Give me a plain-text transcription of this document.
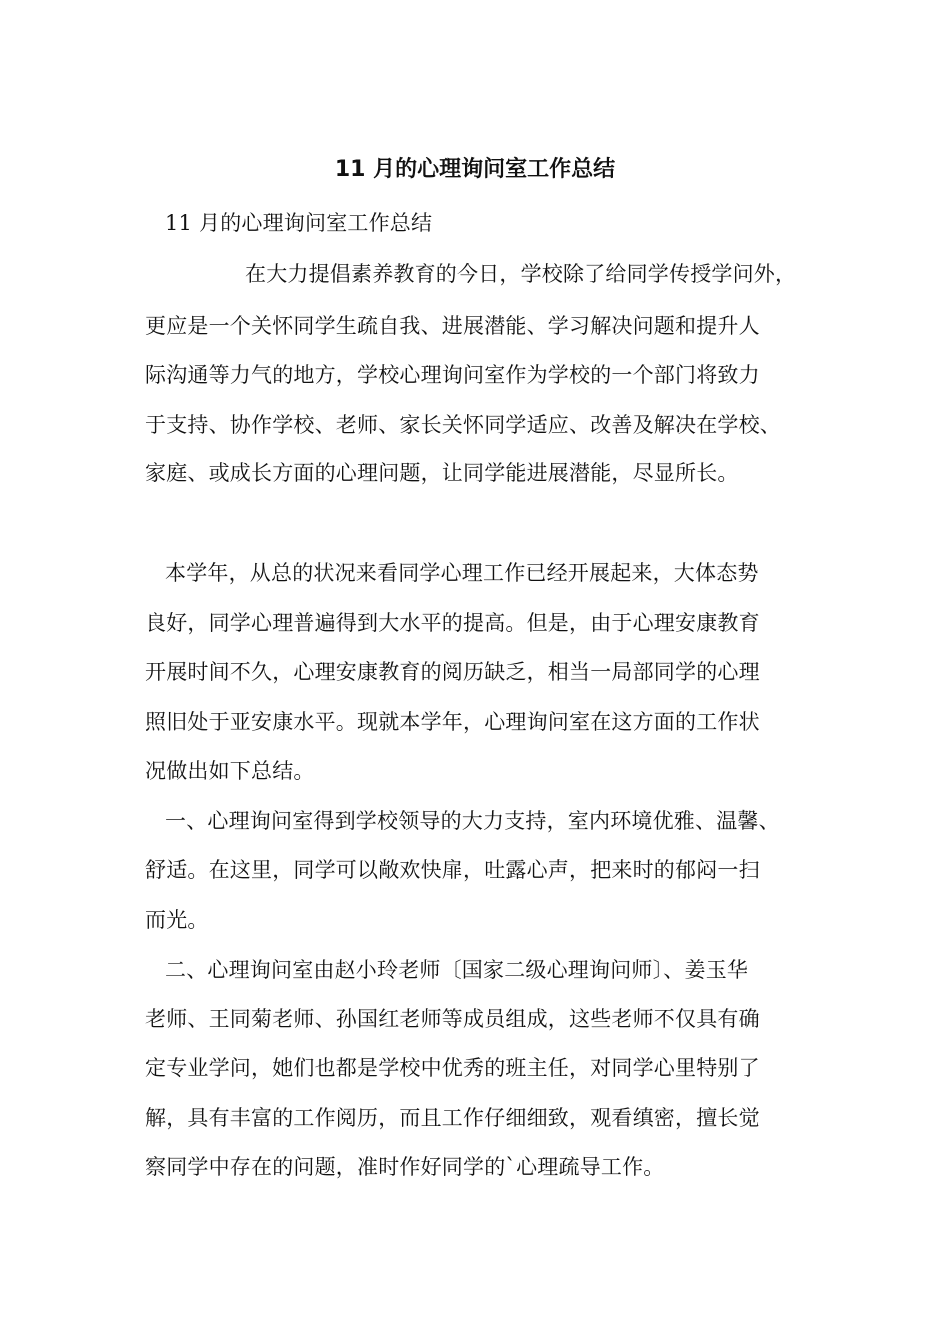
11 月的心理询问室工作总结
11 月的心理询问室工作总结
在大力提倡素养教育的今日，学校除了给同学传授学问外，
更应是一个关怀同学生疏自我、进展潜能、学习解决问题和提升人
际沟通等力气的地方，学校心理询问室作为学校的一个部门将致力
于支持、协作学校、老师、家长关怀同学适应、改善及解决在学校、
家庭、或成长方面的心理问题，让同学能进展潜能，尽显所长。
本学年，从总的状况来看同学心理工作已经开展起来，大体态势
良好，同学心理普遍得到大水平的提高。但是，由于心理安康教育
开展时间不久，心理安康教育的阅历缺乏，相当一局部同学的心理
照旧处于亚安康水平。现就本学年，心理询问室在这方面的工作状
况做出如下总结。
一、心理询问室得到学校领导的大力支持，室内环境优雅、温馨、
舒适。在这里，同学可以敞欢快扉，吐露心声，把来时的郁闷一扫
而光。
二、心理询问室由赵小玲老师〔国家二级心理询问师〕、姜玉华
老师、王同菊老师、孙国红老师等成员组成，这些老师不仅具有确
定专业学问，她们也都是学校中优秀的班主任，对同学心里特别了
解，具有丰富的工作阅历，而且工作仔细细致，观看缜密，擅长觉
察同学中存在的问题，准时作好同学的`心理疏导工作。
